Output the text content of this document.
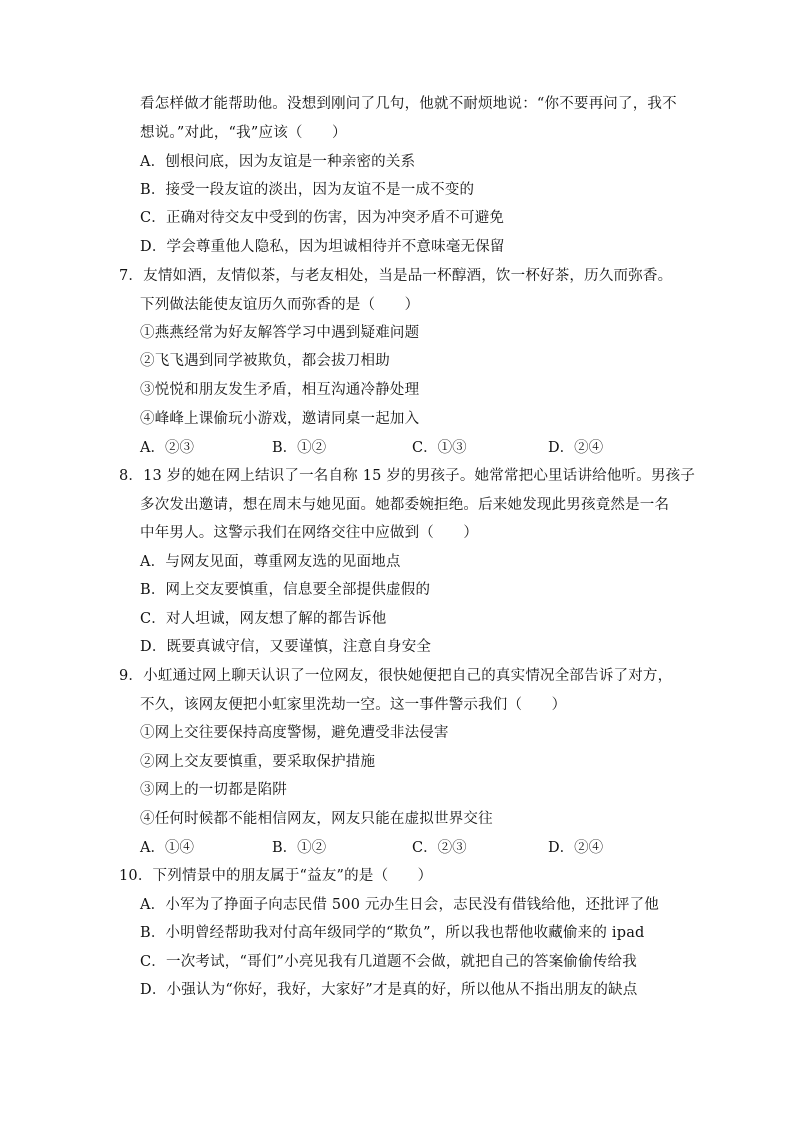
看怎样做才能帮助他。没想到刚问了几句，他就不耐烦地说：“你不要再问了，我不
想说。”对此，“我”应该（　　）
A．刨根问底，因为友谊是一种亲密的关系
B．接受一段友谊的淡出，因为友谊不是一成不变的
C．正确对待交友中受到的伤害，因为冲突矛盾不可避免
D．学会尊重他人隐私，因为坦诚相待并不意味毫无保留
7．友情如酒，友情似茶，与老友相处，当是品一杯醇酒，饮一杯好茶，历久而弥香。
下列做法能使友谊历久而弥香的是（　　）
①燕燕经常为好友解答学习中遇到疑难问题
②飞飞遇到同学被欺负，都会拔刀相助
③悦悦和朋友发生矛盾，相互沟通冷静处理
④峰峰上课偷玩小游戏，邀请同桌一起加入
A．②③	B．①②	C．①③	D．②④
8．13 岁的她在网上结识了一名自称 15 岁的男孩子。她常常把心里话讲给他听。男孩子
多次发出邀请，想在周末与她见面。她都委婉拒绝。后来她发现此男孩竟然是一名
中年男人。这警示我们在网络交往中应做到（　　）
A．与网友见面，尊重网友选的见面地点
B．网上交友要慎重，信息要全部提供虚假的
C．对人坦诚，网友想了解的都告诉他
D．既要真诚守信，又要谨慎，注意自身安全
9．小虹通过网上聊天认识了一位网友，很快她便把自己的真实情况全部告诉了对方，
不久，该网友便把小虹家里洗劫一空。这一事件警示我们（　　）
①网上交往要保持高度警惕，避免遭受非法侵害
②网上交友要慎重，要采取保护措施
③网上的一切都是陷阱
④任何时候都不能相信网友，网友只能在虚拟世界交往
A．①④	B．①②	C．②③	D．②④
10．下列情景中的朋友属于“益友”的是（　　）
A．小军为了挣面子向志民借 500 元办生日会，志民没有借钱给他，还批评了他
B．小明曾经帮助我对付高年级同学的“欺负”，所以我也帮他收藏偷来的 ipad
C．一次考试，“哥们”小亮见我有几道题不会做，就把自己的答案偷偷传给我
D．小强认为“你好，我好，大家好”才是真的好，所以他从不指出朋友的缺点
